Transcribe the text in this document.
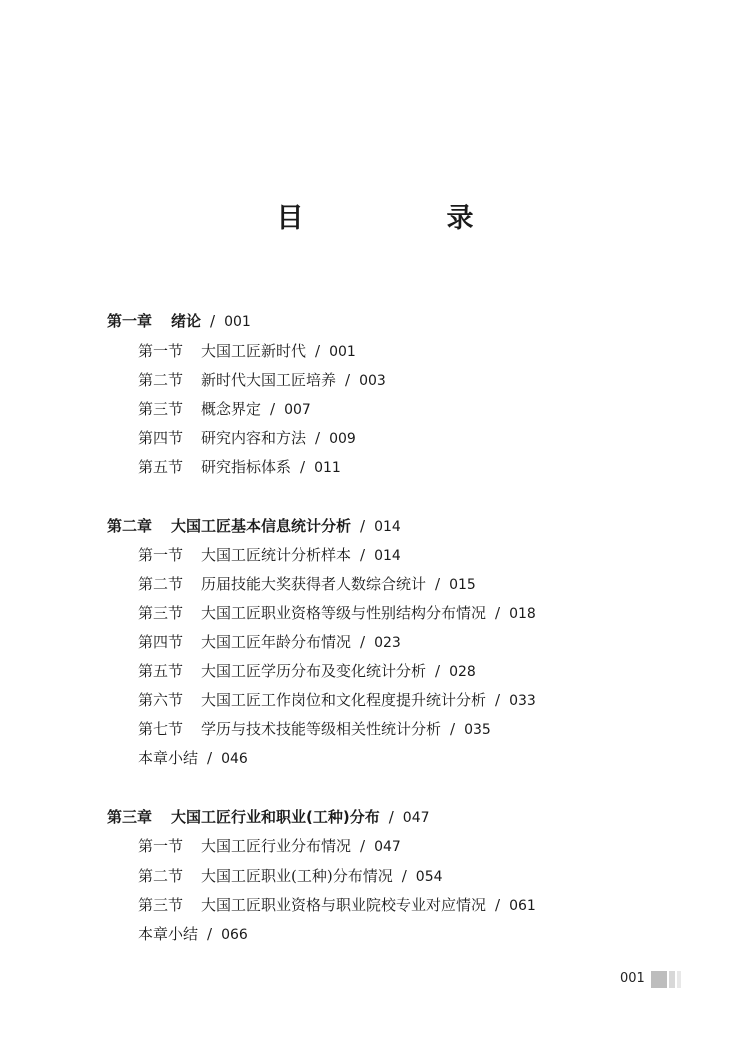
目　录
第一章 绪论 / 001
第一节 大国工匠新时代 / 001
第二节 新时代大国工匠培养 / 003
第三节 概念界定 / 007
第四节 研究内容和方法 / 009
第五节 研究指标体系 / 011
第二章 大国工匠基本信息统计分析 / 014
第一节 大国工匠统计分析样本 / 014
第二节 历届技能大奖获得者人数综合统计 / 015
第三节 大国工匠职业资格等级与性别结构分布情况 / 018
第四节 大国工匠年龄分布情况 / 023
第五节 大国工匠学历分布及变化统计分析 / 028
第六节 大国工匠工作岗位和文化程度提升统计分析 / 033
第七节 学历与技术技能等级相关性统计分析 / 035
本章小结 / 046
第三章 大国工匠行业和职业(工种)分布 / 047
第一节 大国工匠行业分布情况 / 047
第二节 大国工匠职业(工种)分布情况 / 054
第三节 大国工匠职业资格与职业院校专业对应情况 / 061
本章小结 / 066
001
